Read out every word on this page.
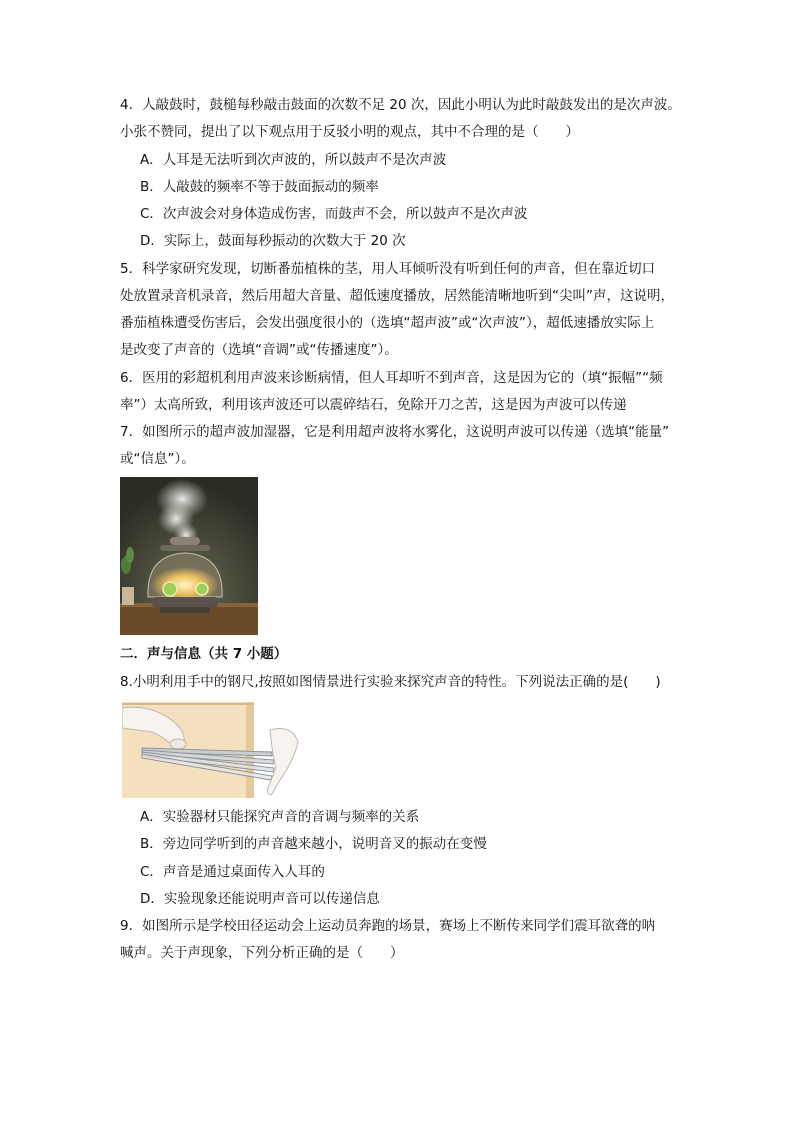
4．人敲鼓时，鼓槌每秒敲击鼓面的次数不足 20 次，因此小明认为此时敲鼓发出的是次声波。
小张不赞同，提出了以下观点用于反驳小明的观点，其中不合理的是（　　）
A．人耳是无法听到次声波的，所以鼓声不是次声波
B．人敲鼓的频率不等于鼓面振动的频率
C．次声波会对身体造成伤害，而鼓声不会，所以鼓声不是次声波
D．实际上，鼓面每秒振动的次数大于 20 次
5．科学家研究发现，切断番茄植株的茎，用人耳倾听没有听到任何的声音，但在靠近切口
处放置录音机录音，然后用超大音量、超低速度播放，居然能清晰地听到“尖叫”声，这说明，
番茄植株遭受伤害后，会发出强度很小的（选填“超声波”或“次声波”），超低速播放实际上
是改变了声音的（选填“音调”或“传播速度”）。
6．医用的彩超机利用声波来诊断病情，但人耳却听不到声音，这是因为它的（填“振幅”“频
率”）太高所致，利用该声波还可以震碎结石，免除开刀之苦，这是因为声波可以传递
7．如图所示的超声波加湿器，它是利用超声波将水雾化，这说明声波可以传递（选填“能量”
或“信息”）。
二．声与信息（共 7 小题）
8.小明利用手中的钢尺,按照如图情景进行实验来探究声音的特性。下列说法正确的是(　　)
A．实验器材只能探究声音的音调与频率的关系
B．旁边同学听到的声音越来越小，说明音叉的振动在变慢
C．声音是通过桌面传入人耳的
D．实验现象还能说明声音可以传递信息
9．如图所示是学校田径运动会上运动员奔跑的场景，赛场上不断传来同学们震耳欲聋的呐
喊声。关于声现象，下列分析正确的是（　　）
